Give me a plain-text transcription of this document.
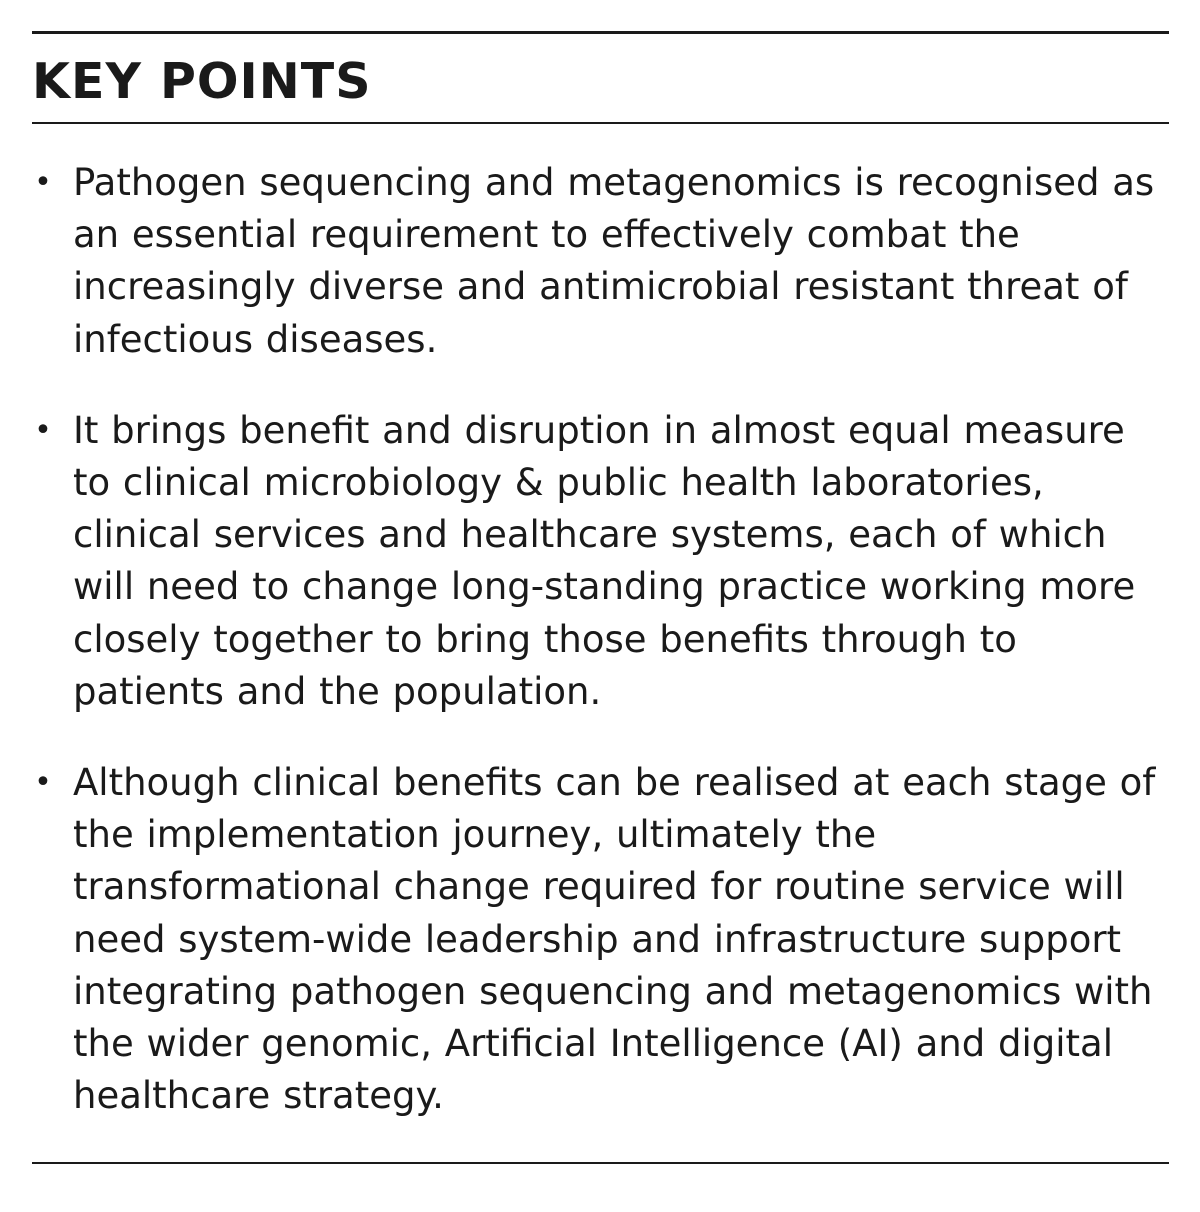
KEY POINTS
• Pathogen sequencing and metagenomics is recognised as an essential requirement to effectively combat the increasingly diverse and antimicrobial resistant threat of infectious diseases.
• It brings benefit and disruption in almost equal measure to clinical microbiology & public health laboratories, clinical services and healthcare systems, each of which will need to change long-standing practice working more closely together to bring those benefits through to patients and the population.
• Although clinical benefits can be realised at each stage of the implementation journey, ultimately the transformational change required for routine service will need system-wide leadership and infrastructure support integrating pathogen sequencing and metagenomics with the wider genomic, Artificial Intelligence (AI) and digital healthcare strategy.
